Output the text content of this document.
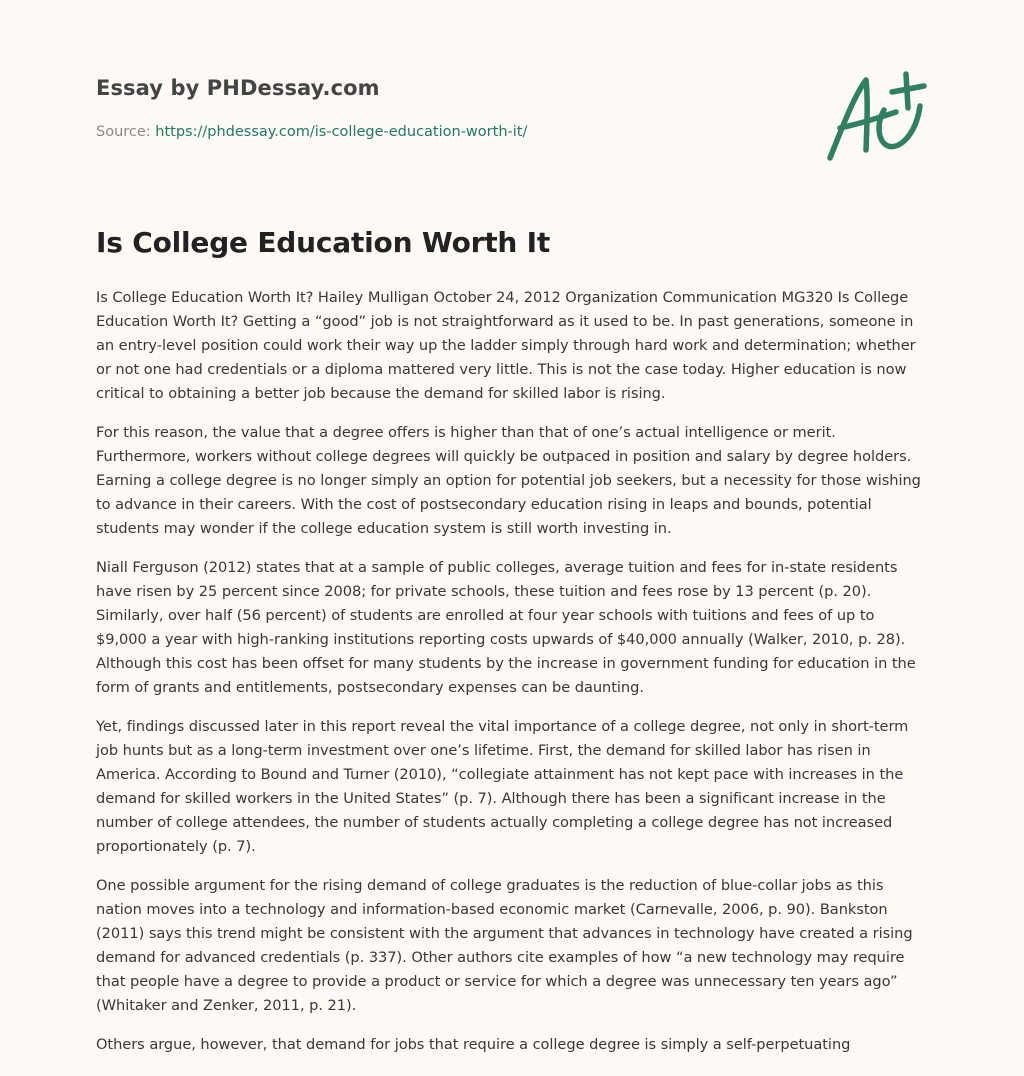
Essay by PHDessay.com
Source: https://phdessay.com/is-college-education-worth-it/
Is College Education Worth It

Is College Education Worth It? Hailey Mulligan October 24, 2012 Organization Communication MG320 Is College Education Worth It? Getting a “good” job is not straightforward as it used to be. In past generations, someone in an entry-level position could work their way up the ladder simply through hard work and determination; whether or not one had credentials or a diploma mattered very little. This is not the case today. Higher education is now critical to obtaining a better job because the demand for skilled labor is rising.

For this reason, the value that a degree offers is higher than that of one’s actual intelligence or merit. Furthermore, workers without college degrees will quickly be outpaced in position and salary by degree holders. Earning a college degree is no longer simply an option for potential job seekers, but a necessity for those wishing to advance in their careers. With the cost of postsecondary education rising in leaps and bounds, potential students may wonder if the college education system is still worth investing in.

Niall Ferguson (2012) states that at a sample of public colleges, average tuition and fees for in-state residents have risen by 25 percent since 2008; for private schools, these tuition and fees rose by 13 percent (p. 20). Similarly, over half (56 percent) of students are enrolled at four year schools with tuitions and fees of up to $9,000 a year with high-ranking institutions reporting costs upwards of $40,000 annually (Walker, 2010, p. 28). Although this cost has been offset for many students by the increase in government funding for education in the form of grants and entitlements, postsecondary expenses can be daunting.

Yet, findings discussed later in this report reveal the vital importance of a college degree, not only in short-term job hunts but as a long-term investment over one’s lifetime. First, the demand for skilled labor has risen in America. According to Bound and Turner (2010), “collegiate attainment has not kept pace with increases in the demand for skilled workers in the United States” (p. 7). Although there has been a significant increase in the number of college attendees, the number of students actually completing a college degree has not increased proportionately (p. 7).

One possible argument for the rising demand of college graduates is the reduction of blue-collar jobs as this nation moves into a technology and information-based economic market (Carnevalle, 2006, p. 90). Bankston (2011) says this trend might be consistent with the argument that advances in technology have created a rising demand for advanced credentials (p. 337). Other authors cite examples of how “a new technology may require that people have a degree to provide a product or service for which a degree was unnecessary ten years ago” (Whitaker and Zenker, 2011, p. 21).

Others argue, however, that demand for jobs that require a college degree is simply a self-perpetuating
